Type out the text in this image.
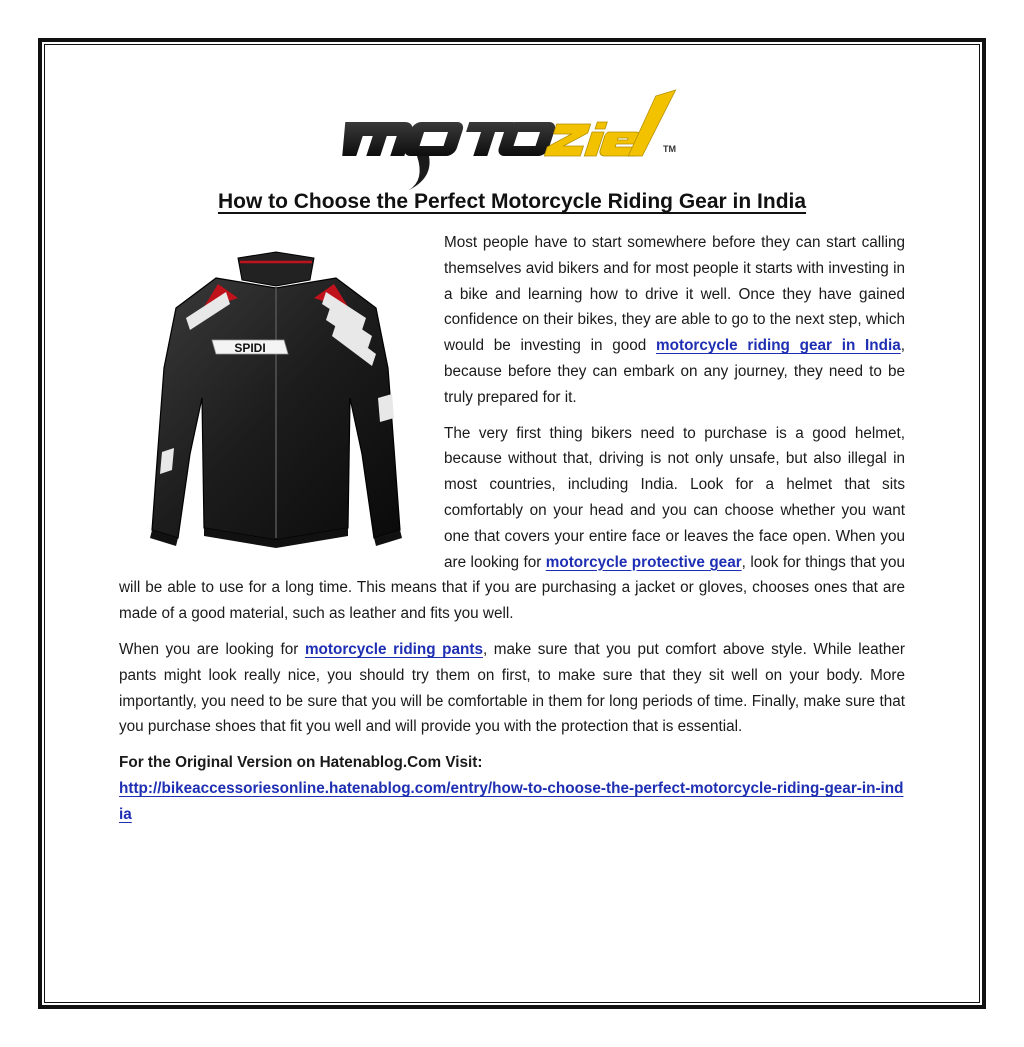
TM
How to Choose the Perfect Motorcycle Riding Gear in India
SPIDI

Most people have to start somewhere before they can start calling themselves avid bikers and for most people it starts with investing in a bike and learning how to drive it well. Once they have gained confidence on their bikes, they are able to go to the next step, which would be investing in good motorcycle riding gear in India, because before they can embark on any journey, they need to be truly prepared for it.

The very first thing bikers need to purchase is a good helmet, because without that, driving is not only unsafe, but also illegal in most countries, including India. Look for a helmet that sits comfortably on your head and you can choose whether you want one that covers your entire face or leaves the face open. When you are looking for motorcycle protective gear, look for things that you will be able to use for a long time. This means that if you are purchasing a jacket or gloves, chooses ones that are made of a good material, such as leather and fits you well.

When you are looking for motorcycle riding pants, make sure that you put comfort above style. While leather pants might look really nice, you should try them on first, to make sure that they sit well on your body. More importantly, you need to be sure that you will be comfortable in them for long periods of time. Finally, make sure that you purchase shoes that fit you well and will provide you with the protection that is essential.

For the Original Version on Hatenablog.Com Visit:
http://bikeaccessoriesonline.hatenablog.com/entry/how-to-choose-the-perfect-motorcycle-riding-gear-in-india
